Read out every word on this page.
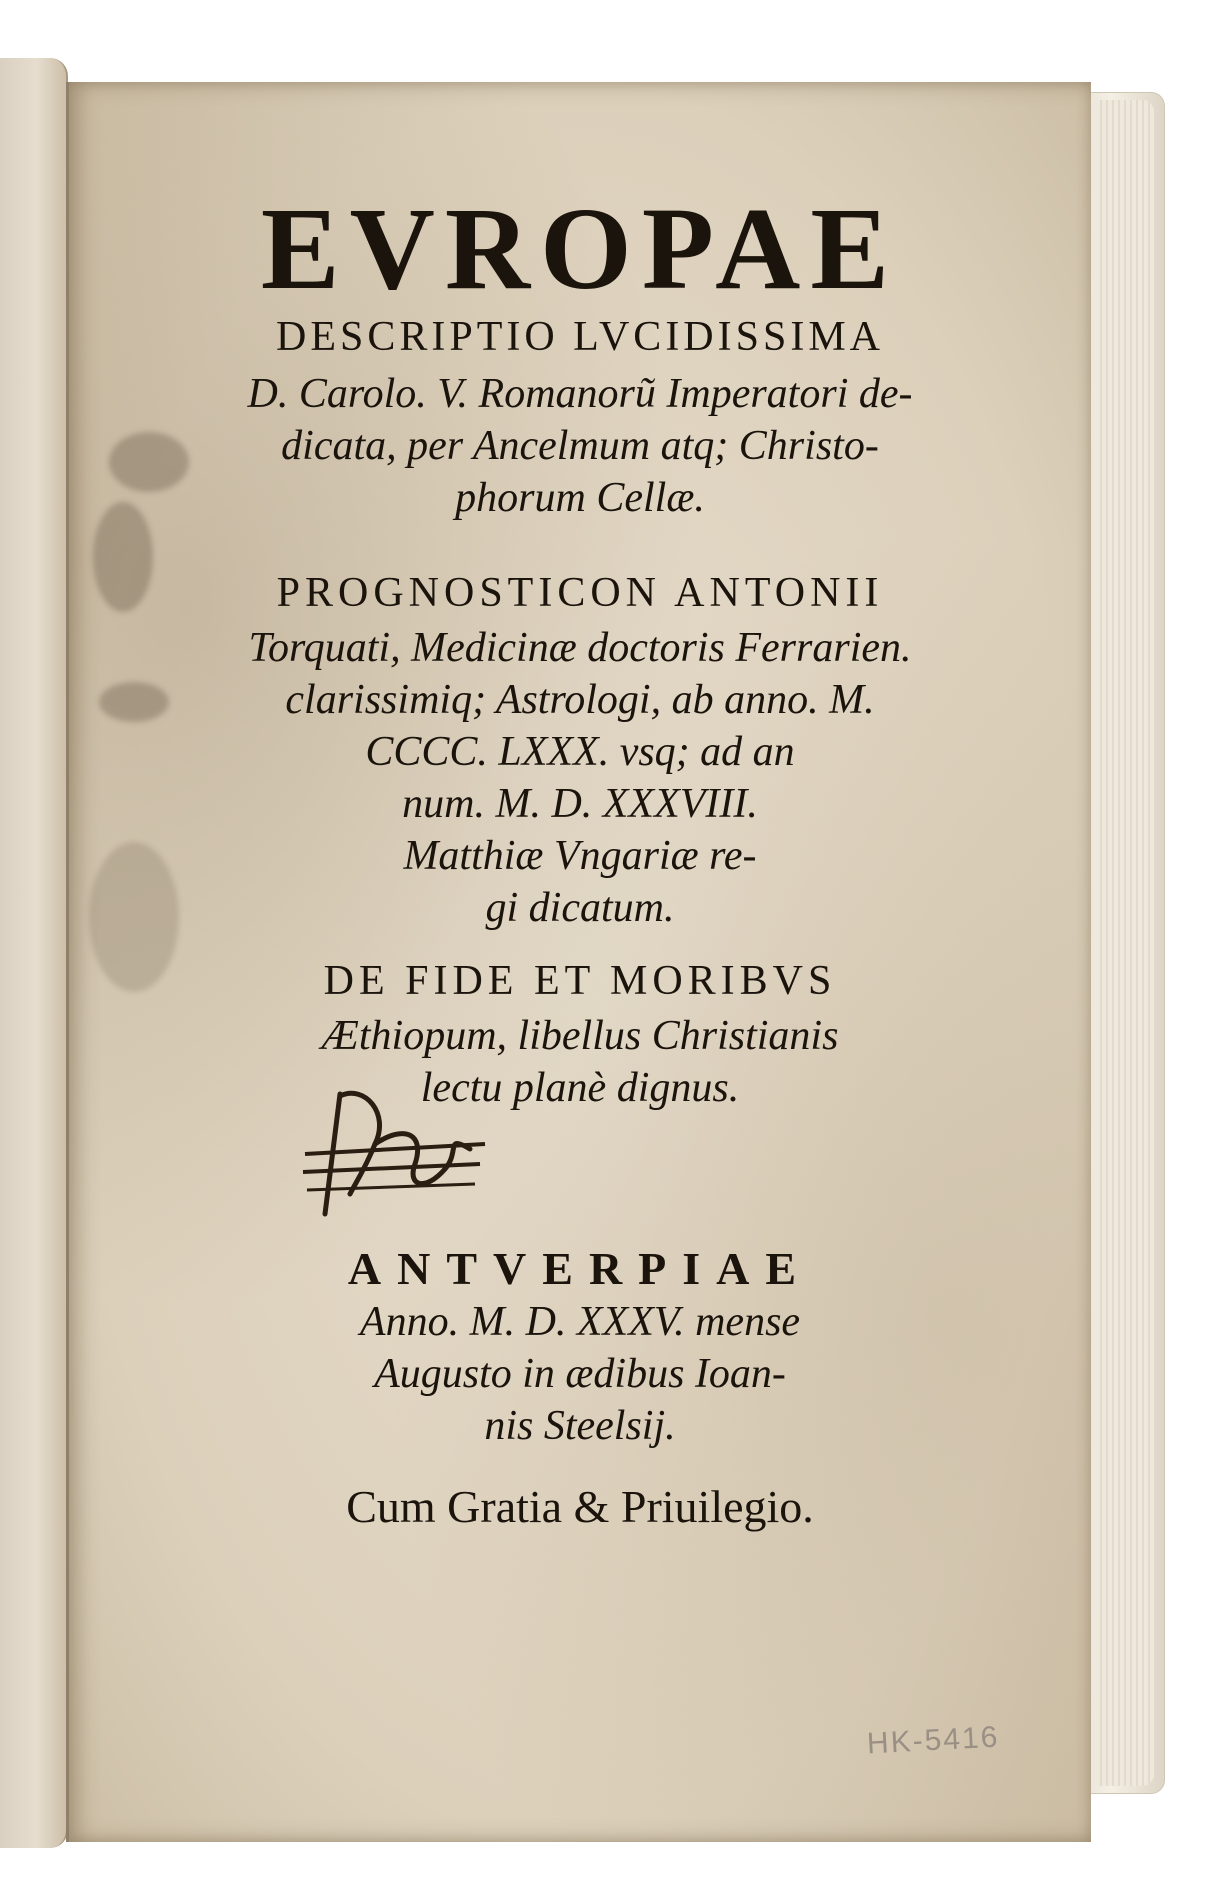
EVROPAE
DESCRIPTIO LVCIDISSIMA
D. Carolo. V. Romanorũ Imperatori de-
dicata, per Ancelmum atq; Christo-
phorum Cellæ.
PROGNOSTICON ANTONII
Torquati, Medicinæ doctoris Ferrarien.
clarissimiq; Astrologi, ab anno. M.
CCCC. LXXX. vsq; ad an
num. M. D. XXXVIII.
Matthiæ Vngariæ re-
gi dicatum.
DE FIDE ET MORIBVS
Æthiopum, libellus Christianis
lectu planè dignus.
ANTVERPIAE
Anno. M. D. XXXV. mense
Augusto in ædibus Ioan-
nis Steelsij.
Cum Gratia & Priuilegio.
HK-5416
